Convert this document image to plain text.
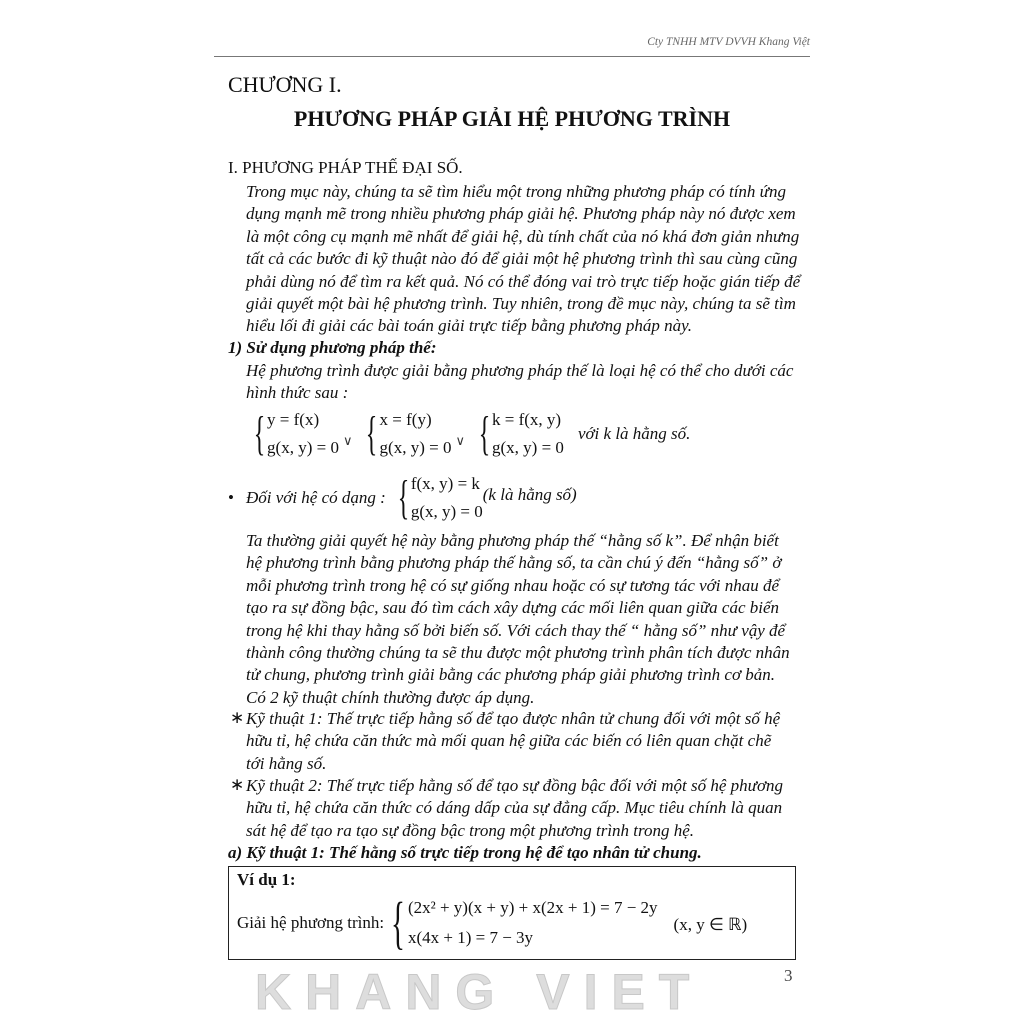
Cty TNHH MTV DVVH Khang Việt
CHƯƠNG I.
PHƯƠNG PHÁP GIẢI HỆ PHƯƠNG TRÌNH
I. PHƯƠNG PHÁP THẾ ĐẠI SỐ.
Trong mục này, chúng ta sẽ tìm hiểu một trong những phương pháp có tính ứng
dụng mạnh mẽ trong nhiều phương pháp giải hệ. Phương pháp này nó được xem
là một công cụ mạnh mẽ nhất để giải hệ, dù tính chất của nó khá đơn giản nhưng
tất cả các bước đi kỹ thuật nào đó để giải một hệ phương trình thì sau cùng cũng
phải dùng nó để tìm ra kết quả. Nó có thể đóng vai trò trực tiếp hoặc gián tiếp để
giải quyết một bài hệ phương trình. Tuy nhiên, trong đề mục này, chúng ta sẽ tìm
hiểu lối đi giải các bài toán giải trực tiếp bằng phương pháp này.
1) Sử dụng phương pháp thế:
Hệ phương trình được giải bằng phương pháp thế là loại hệ có thể cho dưới các
hình thức sau :
{ y = f(x)
g(x, y) = 0 ∨ { x = f(y)
g(x, y) = 0 ∨ { k = f(x, y)
g(x, y) = 0
với k là hằng số.
• Đối với hệ có dạng : { f(x, y) = k
g(x, y) = 0
(k là hằng số)
Ta thường giải quyết hệ này bằng phương pháp thế “hằng số k”. Để nhận biết
hệ phương trình bằng phương pháp thế hằng số, ta cần chú ý đến “hằng số” ở
mỗi phương trình trong hệ có sự giống nhau hoặc có sự tương tác với nhau để
tạo ra sự đồng bậc, sau đó tìm cách xây dựng các mối liên quan giữa các biến
trong hệ khi thay hằng số bởi biến số. Với cách thay thế “ hằng số” như vậy để
thành công thường chúng ta sẽ thu được một phương trình phân tích được nhân
tử chung, phương trình giải bằng các phương pháp giải phương trình cơ bản.
Có 2 kỹ thuật chính thường được áp dụng.
∗ Kỹ thuật 1: Thế trực tiếp hằng số để tạo được nhân tử chung đối với một số hệ
hữu tỉ, hệ chứa căn thức mà mối quan hệ giữa các biến có liên quan chặt chẽ
tới hằng số.
∗ Kỹ thuật 2: Thế trực tiếp hằng số để tạo sự đồng bậc đối với một số hệ phương
hữu tỉ, hệ chứa căn thức có dáng dấp của sự đẳng cấp. Mục tiêu chính là quan
sát hệ để tạo ra tạo sự đồng bậc trong một phương trình trong hệ.
a) Kỹ thuật 1: Thế hằng số trực tiếp trong hệ để tạo nhân tử chung.
Ví dụ 1:
Giải hệ phương trình: { (2x² + y)(x + y) + x(2x + 1) = 7 − 2y
x(4x + 1) = 7 − 3y
(x, y ∈ ℝ)
KHANG VIET	3
